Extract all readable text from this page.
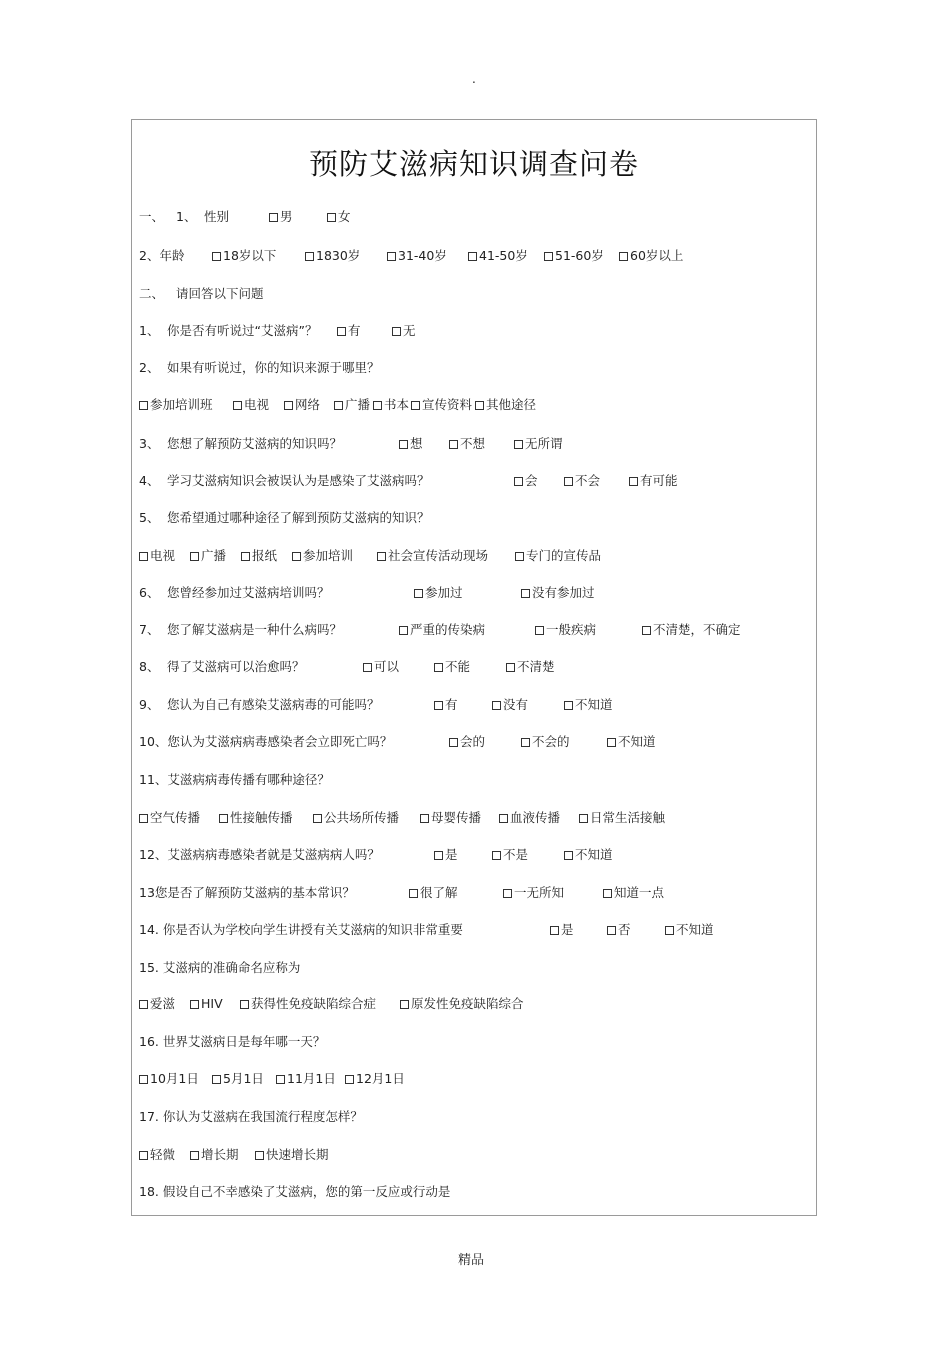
.
预防艾滋病知识调查问卷
一、 1、 性别	男	女
2、年龄	18岁以下	1830岁	31-40岁	41-50岁	51-60岁	60岁以上
二、 请回答以下问题
1、 你是否有听说过“艾滋病”？	有	无
2、 如果有听说过，你的知识来源于哪里？
参加培训班	电视	网络	广播	书本	宣传资料	其他途径
3、 您想了解预防艾滋病的知识吗？	想	不想	无所谓
4、 学习艾滋病知识会被误认为是感染了艾滋病吗？	会	不会	有可能
5、 您希望通过哪种途径了解到预防艾滋病的知识？
电视	广播	报纸	参加培训	社会宣传活动现场	专门的宣传品
6、 您曾经参加过艾滋病培训吗？	参加过	没有参加过
7、 您了解艾滋病是一种什么病吗？	严重的传染病	一般疾病	不清楚，不确定
8、 得了艾滋病可以治愈吗？	可以	不能	不清楚
9、 您认为自己有感染艾滋病毒的可能吗？	有	没有	不知道
10、您认为艾滋病病毒感染者会立即死亡吗？	会的	不会的	不知道
11、艾滋病病毒传播有哪种途径？
空气传播	性接触传播	公共场所传播	母婴传播	血液传播	日常生活接触
12、艾滋病病毒感染者就是艾滋病病人吗？	是	不是	不知道
13您是否了解预防艾滋病的基本常识？	很了解	一无所知	知道一点
14. 你是否认为学校向学生讲授有关艾滋病的知识非常重要	是	否	不知道
15. 艾滋病的准确命名应称为
爱滋	HIV	获得性免疫缺陷综合症	原发性免疫缺陷综合
16. 世界艾滋病日是每年哪一天？
10月1日	5月1日	11月1日	12月1日
17. 你认为艾滋病在我国流行程度怎样？
轻微	增长期	快速增长期
18. 假设自己不幸感染了艾滋病，您的第一反应或行动是
精品
